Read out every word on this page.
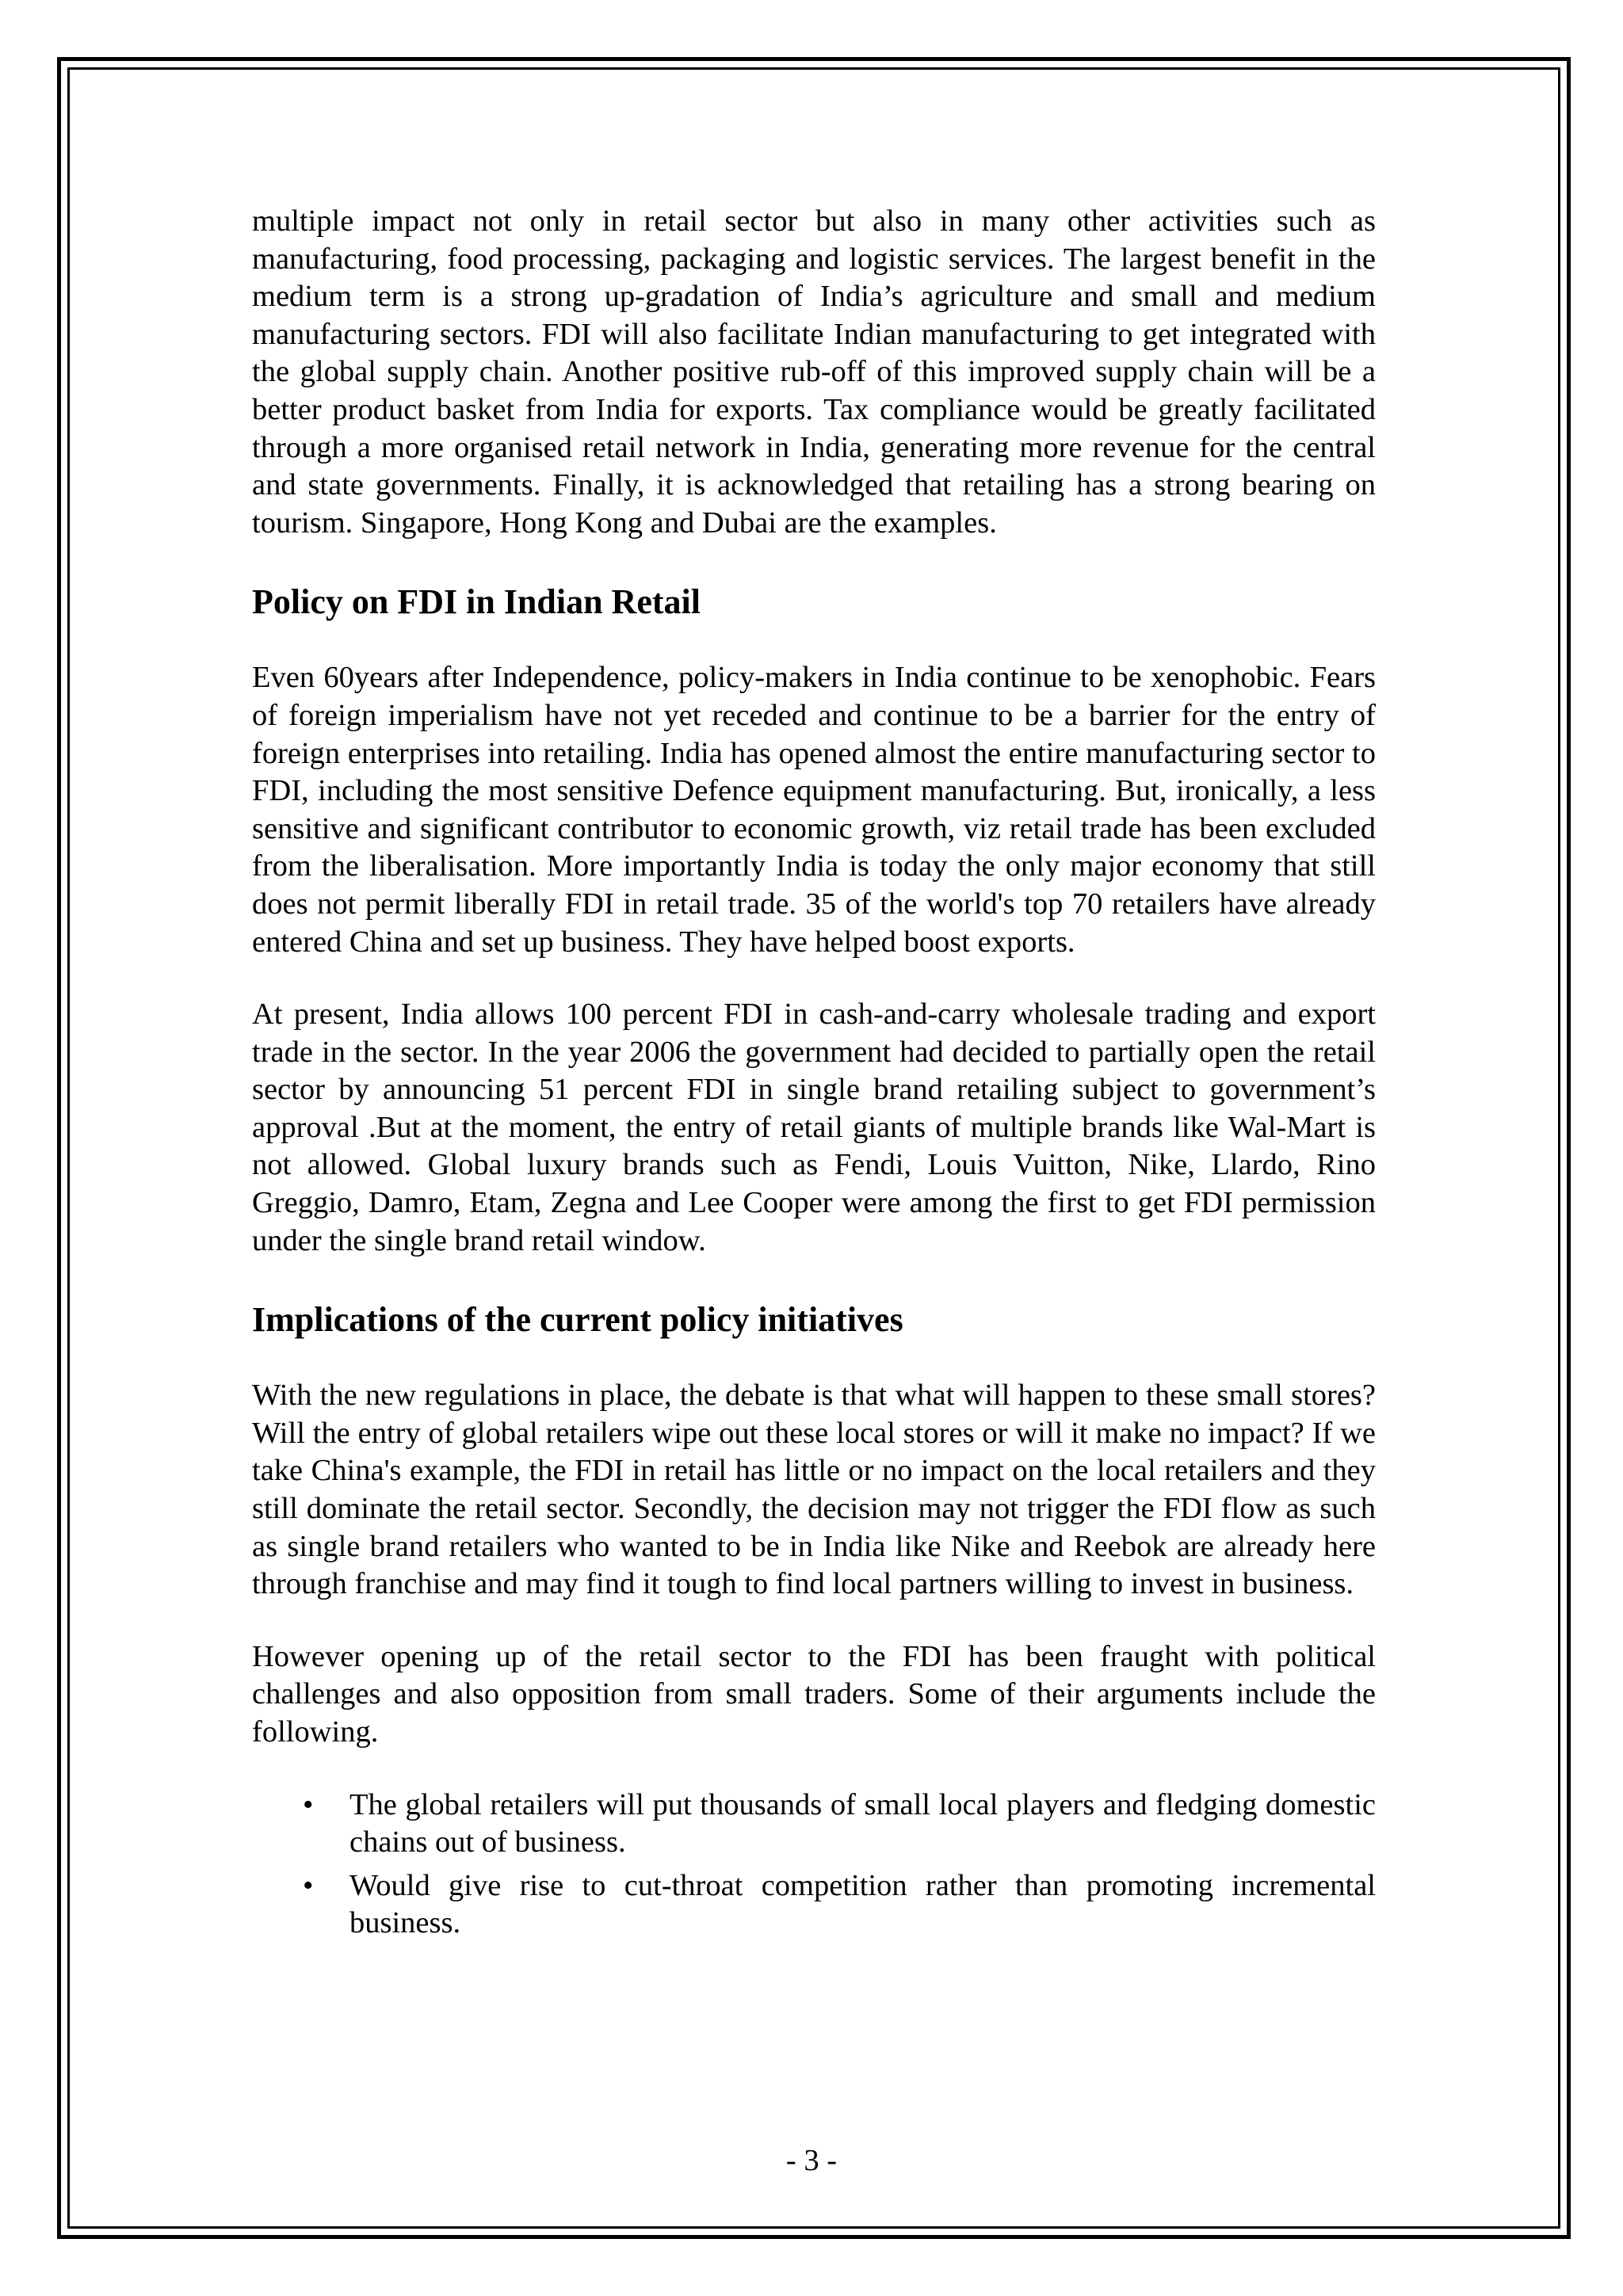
multiple impact not only in retail sector but also in many other activities such as manufacturing, food processing, packaging and logistic services. The largest benefit in the medium term is a strong up-gradation of India’s agriculture and small and medium manufacturing sectors. FDI will also facilitate Indian manufacturing to get integrated with the global supply chain. Another positive rub-off of this improved supply chain will be a better product basket from India for exports. Tax compliance would be greatly facilitated through a more organised retail network in India, generating more revenue for the central and state governments. Finally, it is acknowledged that retailing has a strong bearing on tourism. Singapore, Hong Kong and Dubai are the examples.

Policy on FDI in Indian Retail

Even 60years after Independence, policy-makers in India continue to be xenophobic. Fears of foreign imperialism have not yet receded and continue to be a barrier for the entry of foreign enterprises into retailing. India has opened almost the entire manufacturing sector to FDI, including the most sensitive Defence equipment manufacturing. But, ironically, a less sensitive and significant contributor to economic growth, viz retail trade has been excluded from the liberalisation. More importantly India is today the only major economy that still does not permit liberally FDI in retail trade. 35 of the world's top 70 retailers have already entered China and set up business. They have helped boost exports.

At present, India allows 100 percent FDI in cash-and-carry wholesale trading and export trade in the sector. In the year 2006 the government had decided to partially open the retail sector by announcing 51 percent FDI in single brand retailing subject to government’s approval .But at the moment, the entry of retail giants of multiple brands like Wal-Mart is not allowed. Global luxury brands such as Fendi, Louis Vuitton, Nike, Llardo, Rino Greggio, Damro, Etam, Zegna and Lee Cooper were among the first to get FDI permission under the single brand retail window.

Implications of the current policy initiatives

With the new regulations in place, the debate is that what will happen to these small stores? Will the entry of global retailers wipe out these local stores or will it make no impact? If we take China's example, the FDI in retail has little or no impact on the local retailers and they still dominate the retail sector. Secondly, the decision may not trigger the FDI flow as such as single brand retailers who wanted to be in India like Nike and Reebok are already here through franchise and may find it tough to find local partners willing to invest in business.

However opening up of the retail sector to the FDI has been fraught with political challenges and also opposition from small traders. Some of their arguments include the following.

• The global retailers will put thousands of small local players and fledging domestic chains out of business.
• Would give rise to cut-throat competition rather than promoting incremental business.
- 3 -
